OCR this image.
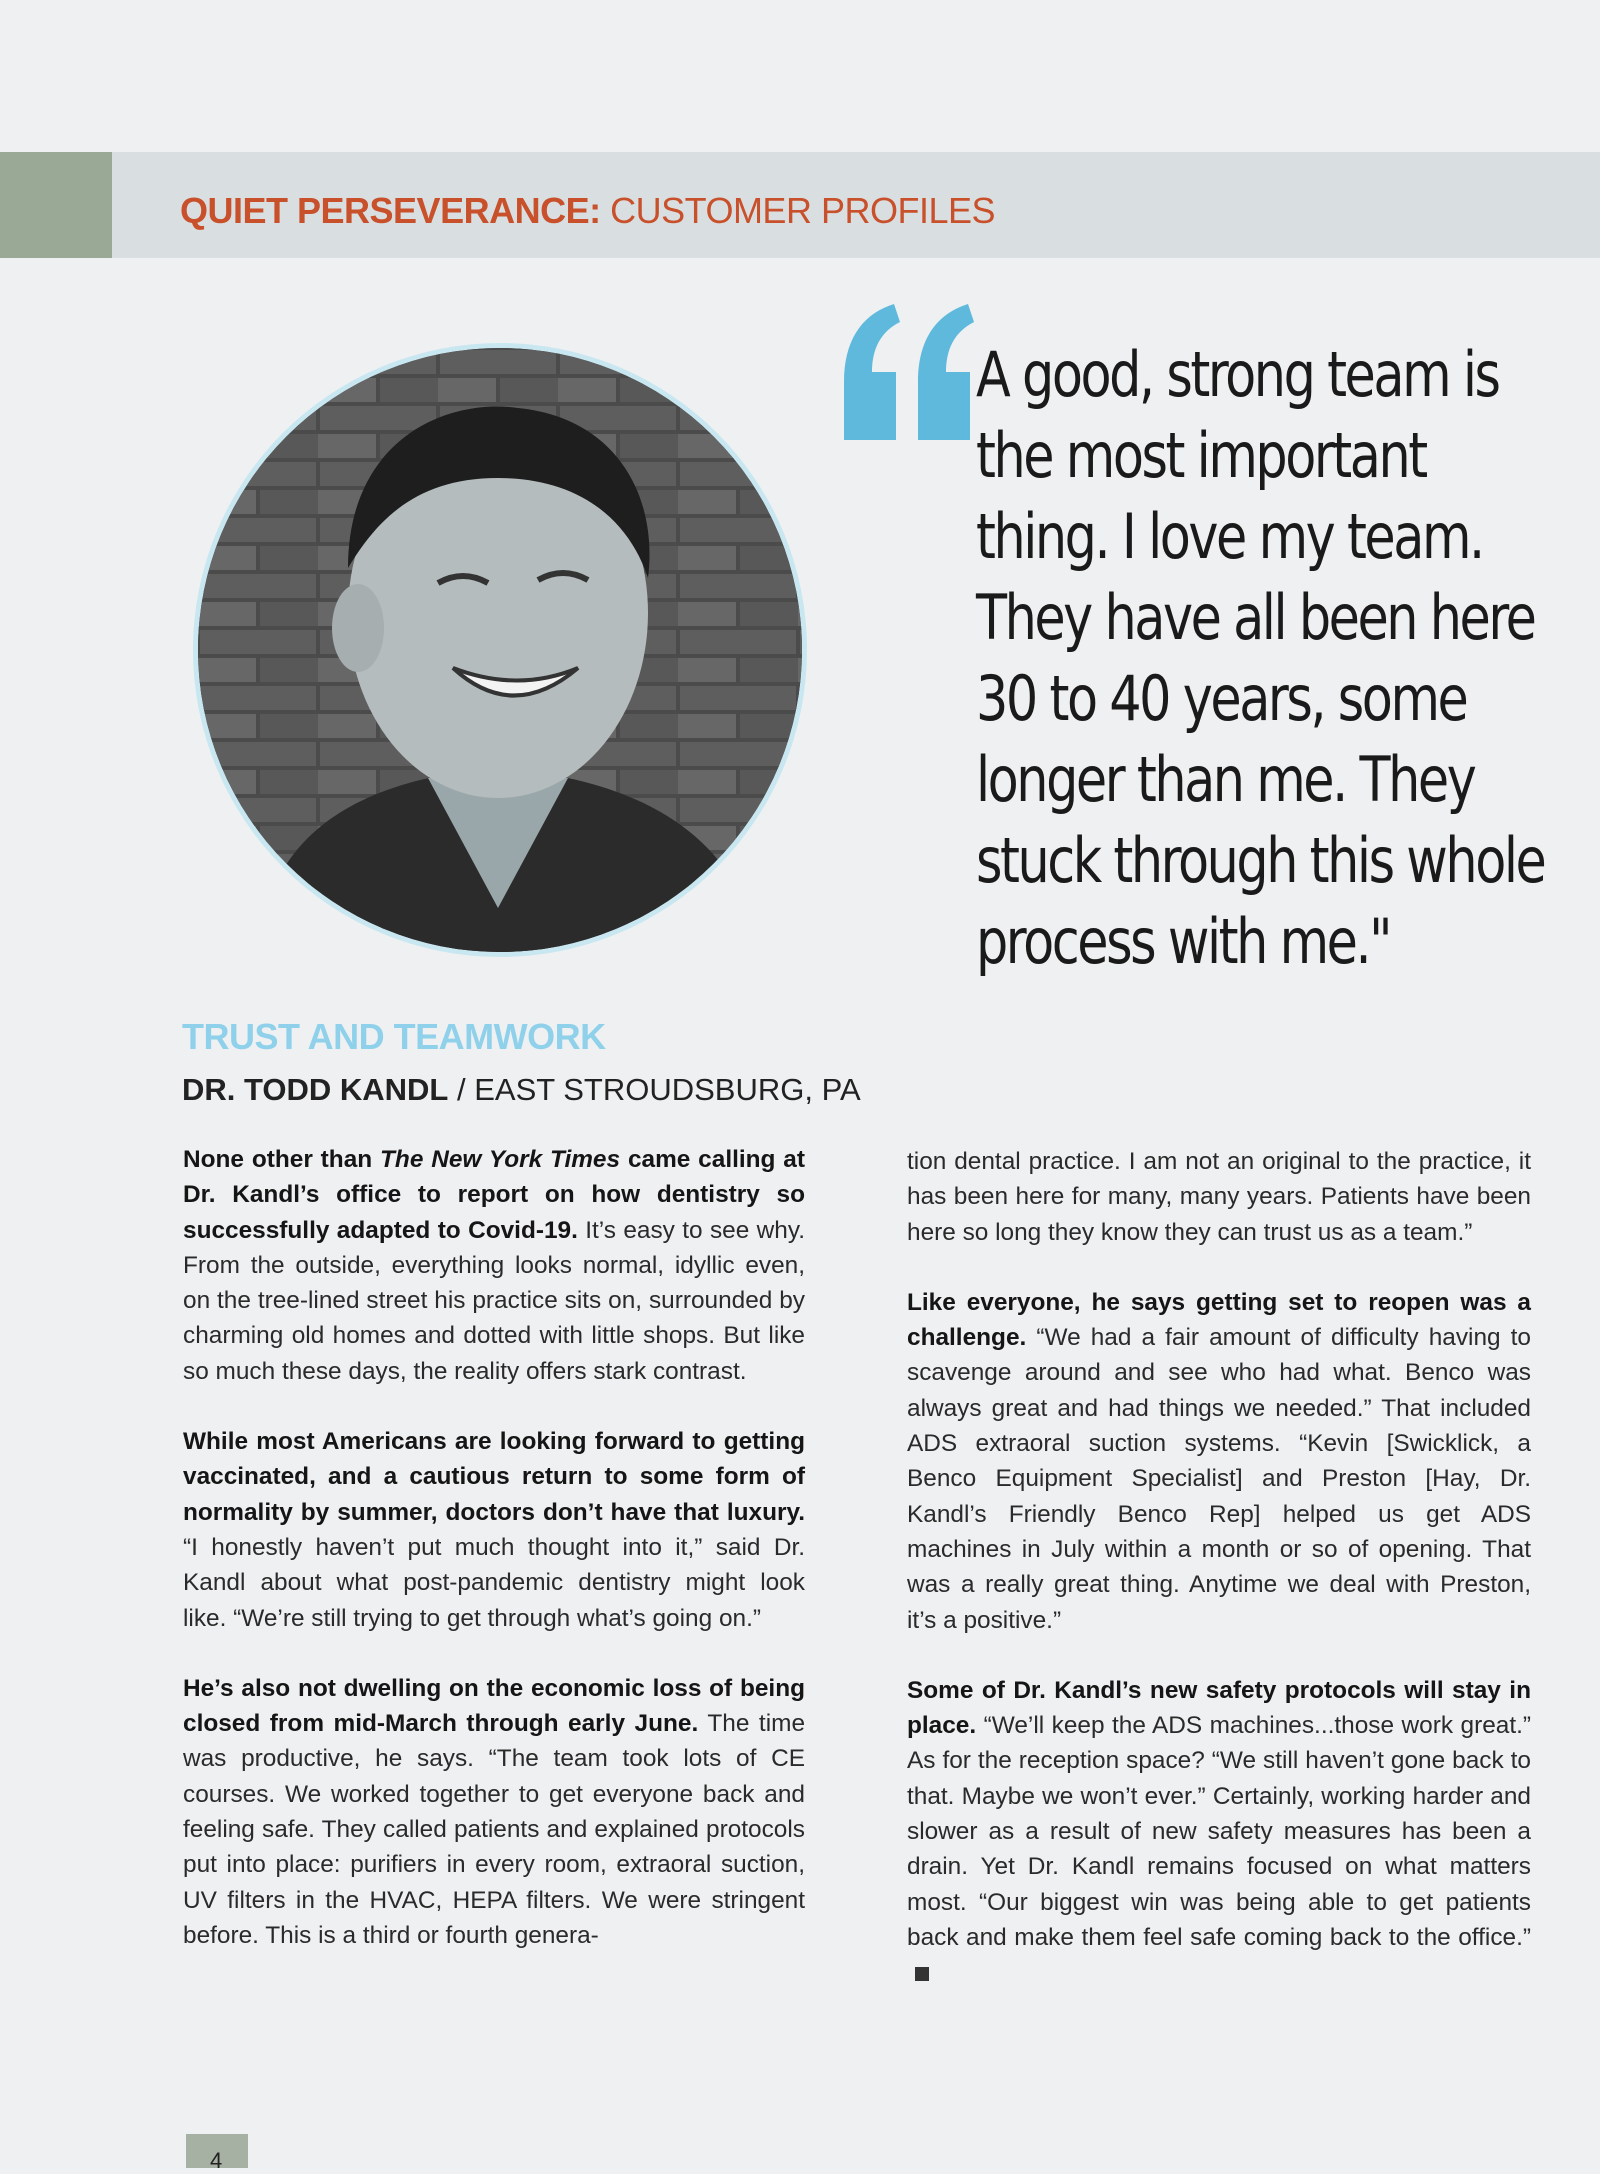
QUIET PERSEVERANCE: CUSTOMER PROFILES
A good, strong team is
the most important
thing. I love my team.
They have all been here
30 to 40 years, some
longer than me. They
stuck through this whole
process with me."
TRUST AND TEAMWORK

DR. TODD KANDL / EAST STROUDSBURG, PA

None other than The New York Times came calling at Dr. Kandl’s office to report on how dentistry so successfully adapted to Covid-19. It’s easy to see why. From the outside, everything looks normal, idyllic even, on the tree-lined street his practice sits on, surrounded by charming old homes and dotted with little shops. But like so much these days, the reality offers stark contrast.

While most Americans are looking forward to getting vaccinated, and a cautious return to some form of normality by summer, doctors don’t have that luxury. “I honestly haven’t put much thought into it,” said Dr. Kandl about what post-pandemic dentistry might look like. “We’re still trying to get through what’s going on.”

He’s also not dwelling on the economic loss of being closed from mid-March through early June. The time was productive, he says. “The team took lots of CE courses. We worked together to get everyone back and feeling safe. They called patients and explained protocols put into place: purifiers in every room, extraoral suction, UV filters in the HVAC, HEPA filters. We were stringent before. This is a third or fourth genera-

tion dental practice. I am not an original to the practice, it has been here for many, many years. Patients have been here so long they know they can trust us as a team.”

Like everyone, he says getting set to reopen was a challenge. “We had a fair amount of difficulty having to scavenge around and see who had what. Benco was always great and had things we needed.” That included ADS extraoral suction systems. “Kevin [Swicklick, a Benco Equipment Specialist] and Preston [Hay, Dr. Kandl’s Friendly Benco Rep] helped us get ADS machines in July within a month or so of opening. That was a really great thing. Anytime we deal with Preston, it’s a positive.”

Some of Dr. Kandl’s new safety protocols will stay in place. “We’ll keep the ADS machines...those work great.” As for the reception space? “We still haven’t gone back to that. Maybe we won’t ever.” Certainly, working harder and slower as a result of new safety measures has been a drain. Yet Dr. Kandl remains focused on what matters most. “Our biggest win was being able to get patients back and make them feel safe coming back to the office.”

4
